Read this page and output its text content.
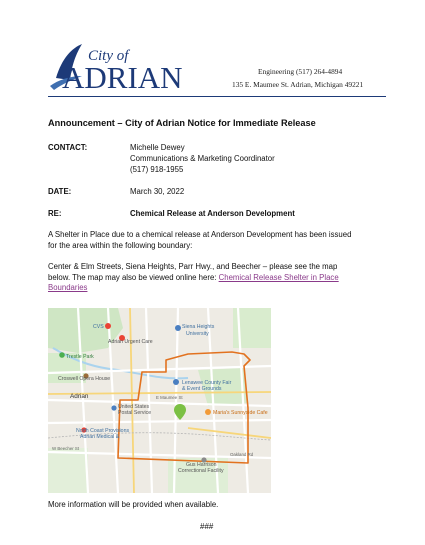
City of
ADRIAN	Engineering (517) 264-4894
135 E. Maumee St. Adrian, Michigan 49221
Announcement – City of Adrian Notice for Immediate Release
CONTACT:	Michelle Dewey
Communications & Marketing Coordinator
(517) 918-1955
DATE:	March 30, 2022
RE:	Chemical Release at Anderson Development
A Shelter in Place due to a chemical release at Anderson Development has been issued
for the area within the following boundary:
Center & Elm Streets, Siena Heights, Parr Hwy., and Beecher – please see the map
below. The map may also be viewed online here: Chemical Release Shelter in Place
Boundaries
CVS	Siena Heights
University
Adrian Urgent Care
Trestle Park
Croswell Opera House
Adrian
Lenawee County Fair
& Event Grounds
Maria's Sunnyside Cafe
United States
Postal Service
North Coast Provisions
Adrian Medical &
Gus Harrison
Correctional Facility
E Maumee St
W Beecher St
Oakland Rd
More information will be provided when available.
###
